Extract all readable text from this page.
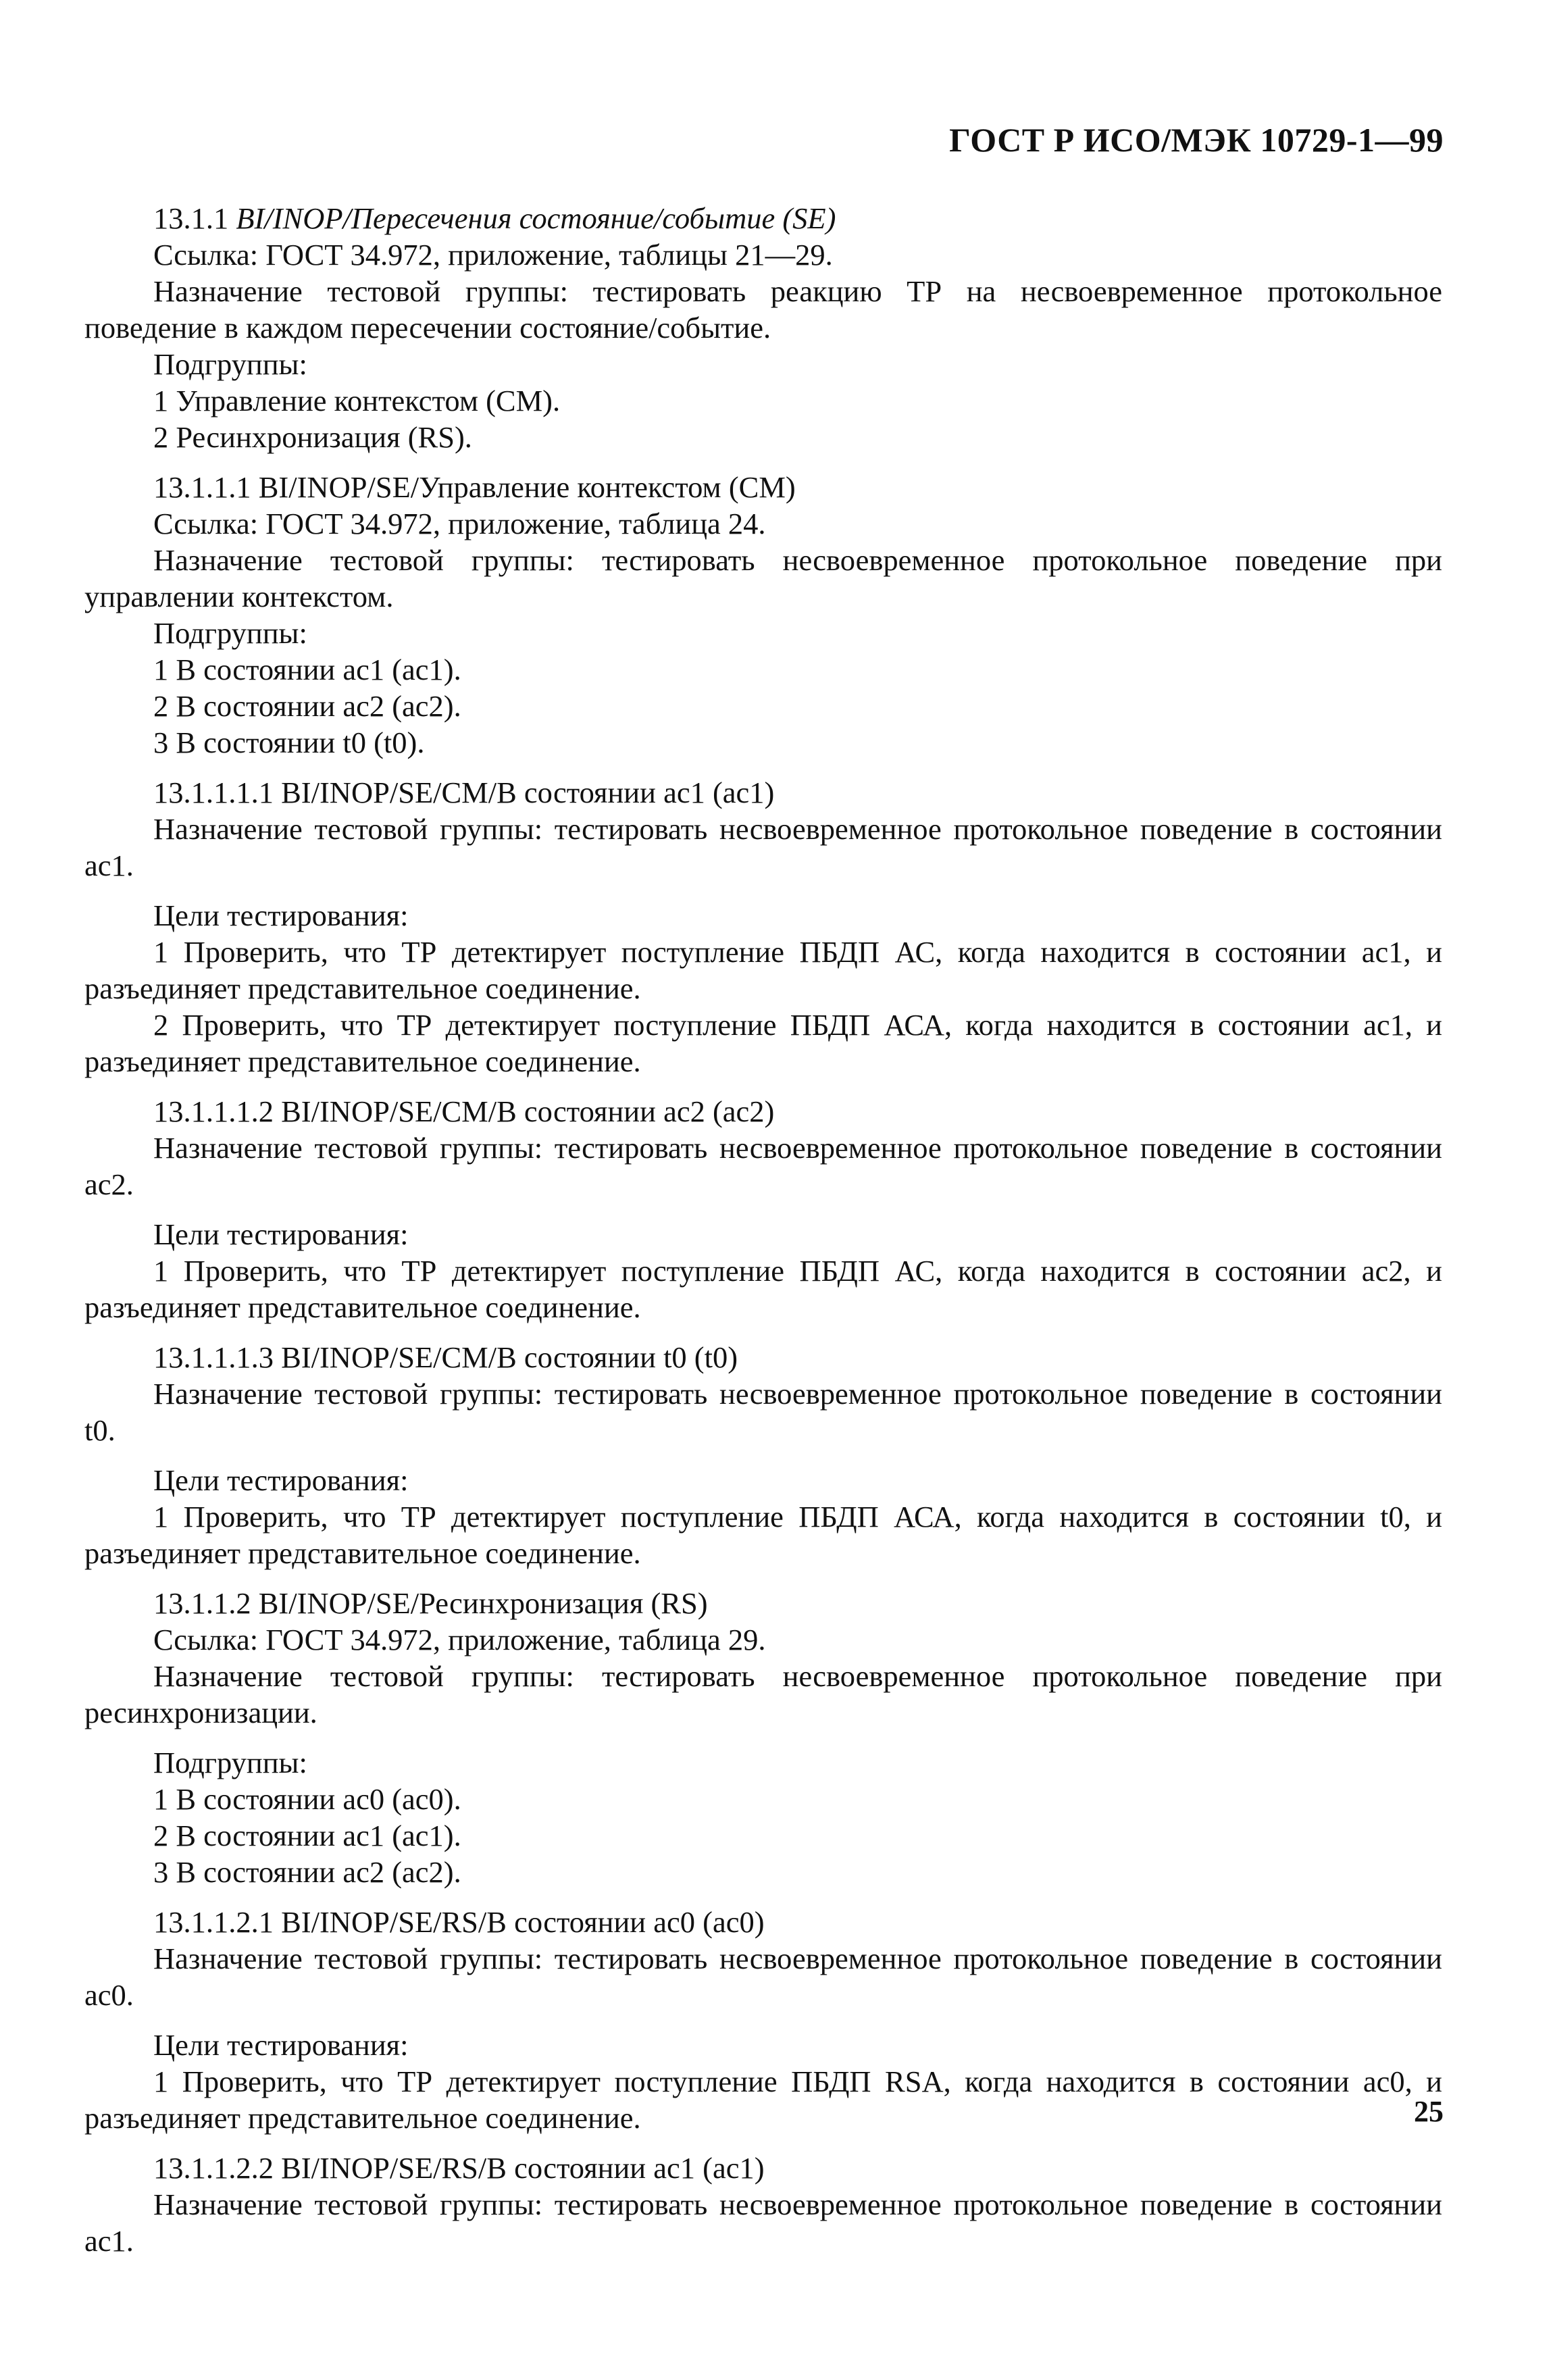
ГОСТ Р ИСО/МЭК 10729-1—99

13.1.1 BI/INOP/Пересечения состояние/событие (SE)

Ссылка: ГОСТ 34.972, приложение, таблицы 21—29.

Назначение тестовой группы: тестировать реакцию ТР на несвоевременное протокольное поведение в каждом пересечении состояние/событие.

Подгруппы:

1 Управление контекстом (СМ).

2 Ресинхронизация (RS).

13.1.1.1 BI/INOP/SE/Управление контекстом (СМ)

Ссылка: ГОСТ 34.972, приложение, таблица 24.

Назначение тестовой группы: тестировать несвоевременное протокольное поведение при управлении контекстом.

Подгруппы:

1 В состоянии ас1 (ас1).

2 В состоянии ас2 (ас2).

3 В состоянии t0 (t0).

13.1.1.1.1 BI/INOP/SE/CM/В состоянии ас1 (ас1)

Назначение тестовой группы: тестировать несвоевременное протокольное поведение в состоянии ас1.

Цели тестирования:

1 Проверить, что ТР детектирует поступление ПБДП АС, когда находится в состоянии ас1, и разъединяет представительное соединение.

2 Проверить, что ТР детектирует поступление ПБДП АСА, когда находится в состоянии ас1, и разъединяет представительное соединение.

13.1.1.1.2 BI/INOP/SE/CM/В состоянии ас2 (ас2)

Назначение тестовой группы: тестировать несвоевременное протокольное поведение в состоянии ас2.

Цели тестирования:

1 Проверить, что ТР детектирует поступление ПБДП АС, когда находится в состоянии ас2, и разъединяет представительное соединение.

13.1.1.1.3 BI/INOP/SE/CM/В состоянии t0 (t0)

Назначение тестовой группы: тестировать несвоевременное протокольное поведение в состоянии t0.

Цели тестирования:

1 Проверить, что ТР детектирует поступление ПБДП АСА, когда находится в состоянии t0, и разъединяет представительное соединение.

13.1.1.2 BI/INOP/SE/Ресинхронизация (RS)

Ссылка: ГОСТ 34.972, приложение, таблица 29.

Назначение тестовой группы: тестировать несвоевременное протокольное поведение при ресинхронизации.

Подгруппы:

1 В состоянии ас0 (ас0).

2 В состоянии ас1 (ас1).

3 В состоянии ас2 (ас2).

13.1.1.2.1 BI/INOP/SE/RS/В состоянии ас0 (ас0)

Назначение тестовой группы: тестировать несвоевременное протокольное поведение в состоянии ас0.

Цели тестирования:

1 Проверить, что ТР детектирует поступление ПБДП RSA, когда находится в состоянии ас0, и разъединяет представительное соединение.

13.1.1.2.2 BI/INOP/SE/RS/В состоянии ас1 (ас1)

Назначение тестовой группы: тестировать несвоевременное протокольное поведение в состоянии ас1.

25
